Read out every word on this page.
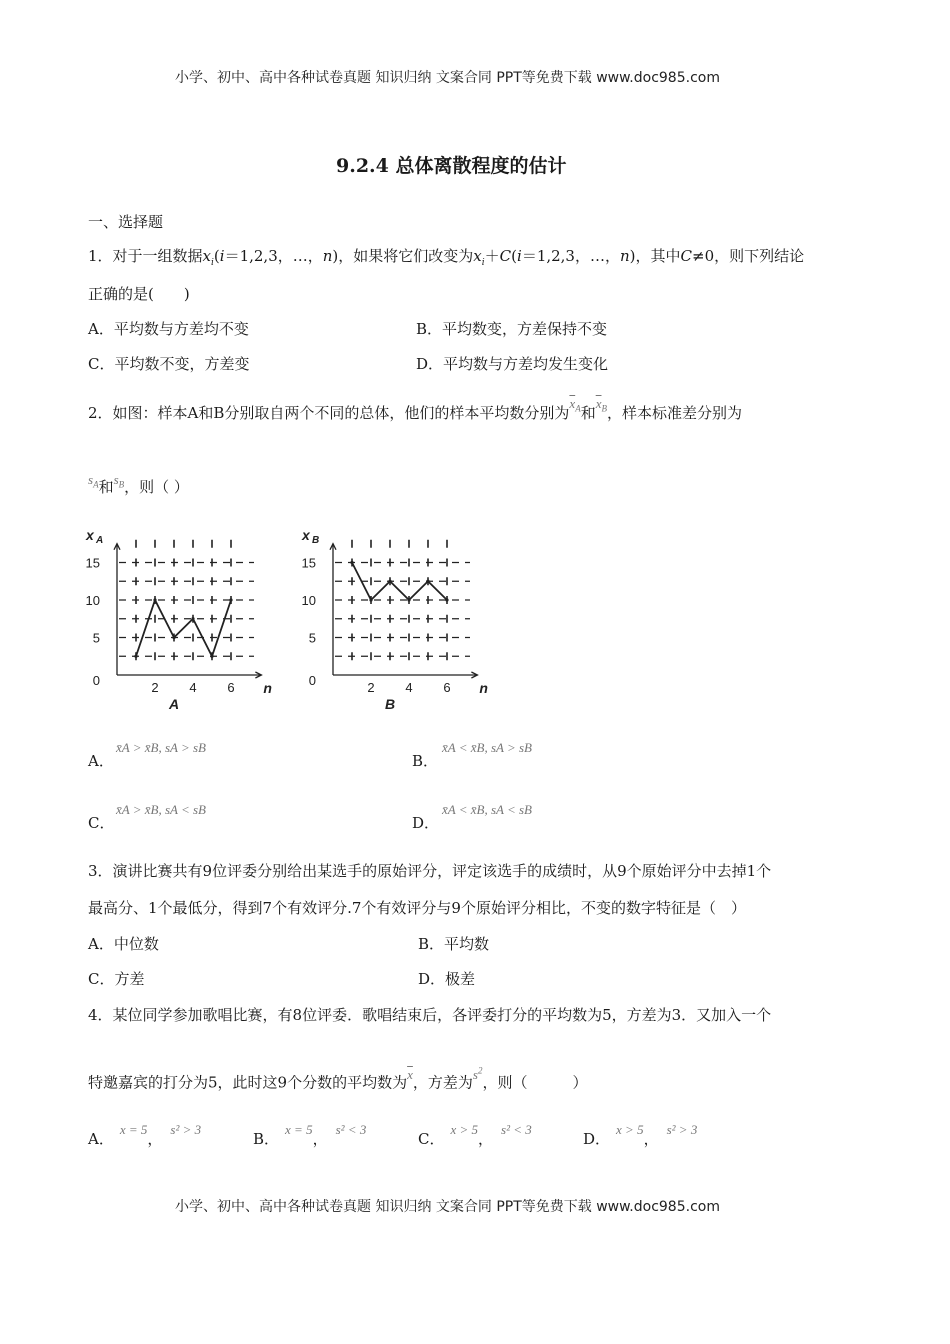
小学、初中、高中各种试卷真题 知识归纳 文案合同 PPT等免费下载 www.doc985.com
小学、初中、高中各种试卷真题 知识归纳 文案合同 PPT等免费下载 www.doc985.com
9.2.4 总体离散程度的估计
一、选择题
1．对于一组数据$x_i(i=1,2,3$，…，n)，如果将它们改变为$x_i+C(i=1,2,3$，…，n)，其中C≠0，则下列结论
正确的是(　　)
A．平均数与方差均不变	B．平均数变，方差保持不变
C．平均数不变，方差变	D．平均数与方差均发生变化
2．如图：样本A和B分别取自两个不同的总体，他们的样本平均数分别为$\overline{x}_A$和$\overline{x}_B$，样本标准差分别为
$s_A$和$s_B$，则（ ）
5
10
15
0	2 4 6 n
x A
A
5
10
15
0	2 4 6 n
x B
B
A．
x̄A > x̄B, sA > sB
B．
x̄A < x̄B, sA > sB
C．
x̄A > x̄B, sA < sB
D．
x̄A < x̄B, sA < sB
3．演讲比赛共有9位评委分别给出某选手的原始评分，评定该选手的成绩时，从9个原始评分中去掉1个
最高分、1个最低分，得到7个有效评分.7个有效评分与9个原始评分相比，不变的数字特征是（　）
A．中位数	B．平均数
C．方差	D．极差
4．某位同学参加歌唱比赛，有8位评委．歌唱结束后，各评委打分的平均数为5，方差为3．又加入一个
特邀嘉宾的打分为5，此时这9个分数的平均数为$\overline{x}$，方差为$s^2$，则（　　　）
A．x = 5，s² > 3
B．x = 5，s² < 3
C．x > 5，s² < 3
D．x > 5，s² > 3
